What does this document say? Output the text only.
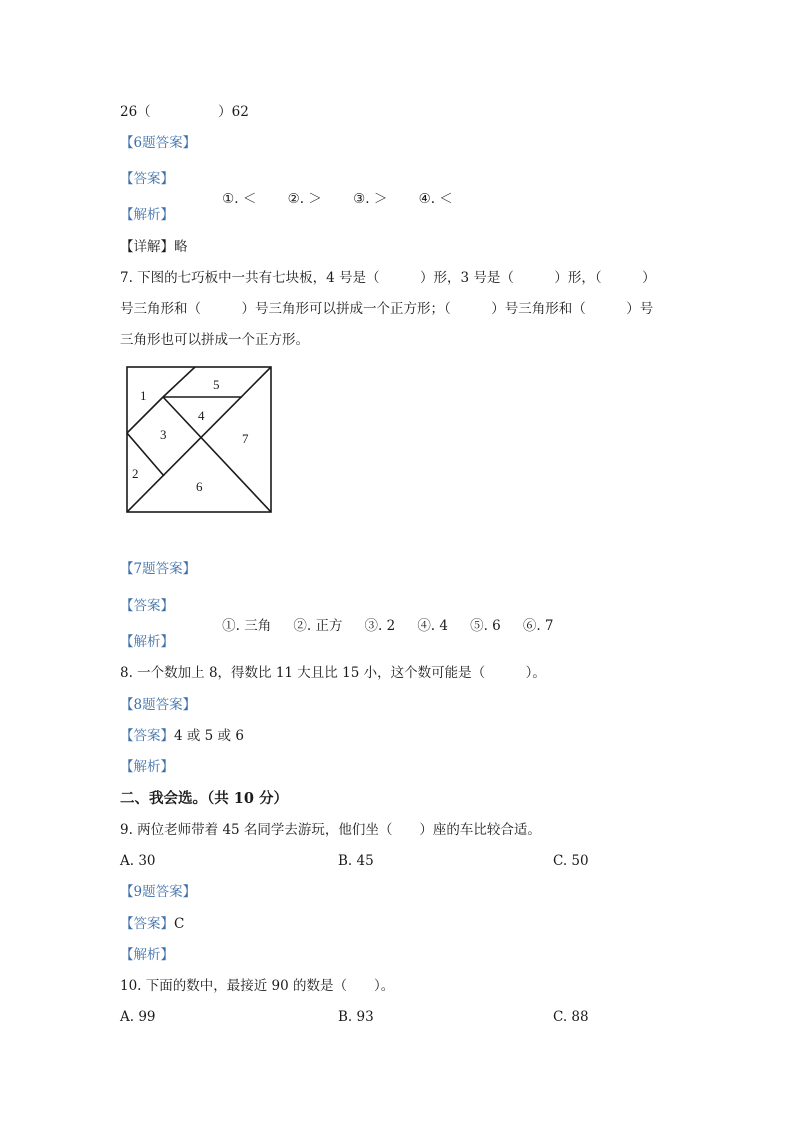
26（　　　　　）62
【6题答案】
【答案】

①. ＜　　 ②. ＞　　 ③. ＞　　 ④. ＜

【解析】
【详解】略
7. 下图的七巧板中一共有七块板，4 号是（　　　）形，3 号是（　　　）形，（　　　）
号三角形和（　　　）号三角形可以拼成一个正方形；（　　　）号三角形和（　　　）号
三角形也可以拼成一个正方形。
1
5
4
3	7
2
6
【7题答案】
【答案】

①. 三角　 ②. 正方　 ③. 2　 ④. 4　 ⑤. 6　 ⑥. 7

【解析】
8. 一个数加上 8，得数比 11 大且比 15 小，这个数可能是（　　　）。
【8题答案】
【答案】4 或 5 或 6
【解析】
二、我会选。（共 10 分）
9. 两位老师带着 45 名同学去游玩，他们坐（　　）座的车比较合适。
A. 30	B. 45	C. 50
【9题答案】
【答案】C
【解析】
10. 下面的数中，最接近 90 的数是（　　）。
A. 99	B. 93	C. 88
